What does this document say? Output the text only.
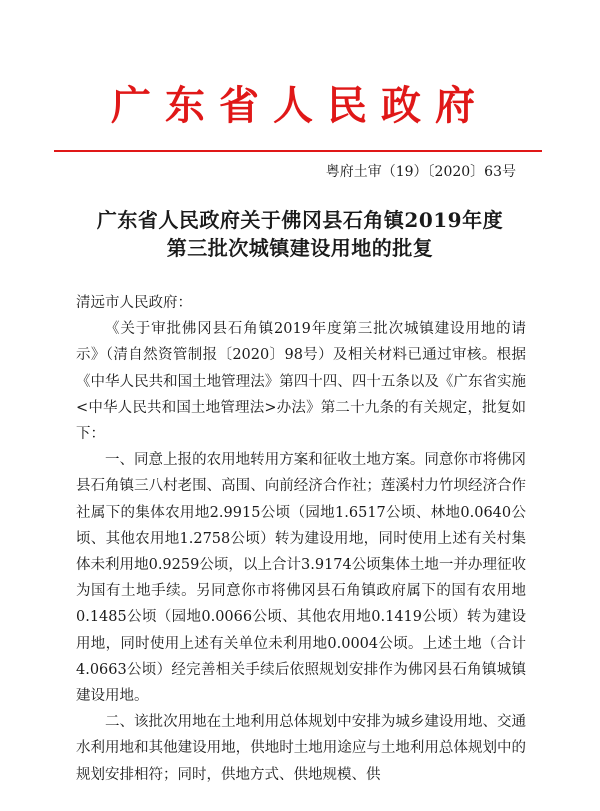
广东省人民政府
粤府土审（19）〔2020〕63号
广东省人民政府关于佛冈县石角镇2019年度
第三批次城镇建设用地的批复

清远市人民政府：

《关于审批佛冈县石角镇2019年度第三批次城镇建设用地的请示》（清自然资管制报〔2020〕98号）及相关材料已通过审核。根据《中华人民共和国土地管理法》第四十四、四十五条以及《广东省实施<中华人民共和国土地管理法>办法》第二十九条的有关规定，批复如下：

一、同意上报的农用地转用方案和征收土地方案。同意你市将佛冈县石角镇三八村老围、高围、向前经济合作社；莲溪村力竹坝经济合作社属下的集体农用地2.9915公顷（园地1.6517公顷、林地0.0640公顷、其他农用地1.2758公顷）转为建设用地，同时使用上述有关村集体未利用地0.9259公顷，以上合计3.9174公顷集体土地一并办理征收为国有土地手续。另同意你市将佛冈县石角镇政府属下的国有农用地0.1485公顷（园地0.0066公顷、其他农用地0.1419公顷）转为建设用地，同时使用上述有关单位未利用地0.0004公顷。上述土地（合计4.0663公顷）经完善相关手续后依照规划安排作为佛冈县石角镇城镇建设用地。

二、该批次用地在土地利用总体规划中安排为城乡建设用地、交通水利用地和其他建设用地，供地时土地用途应与土地利用总体规划中的规划安排相符；同时，供地方式、供地规模、供
